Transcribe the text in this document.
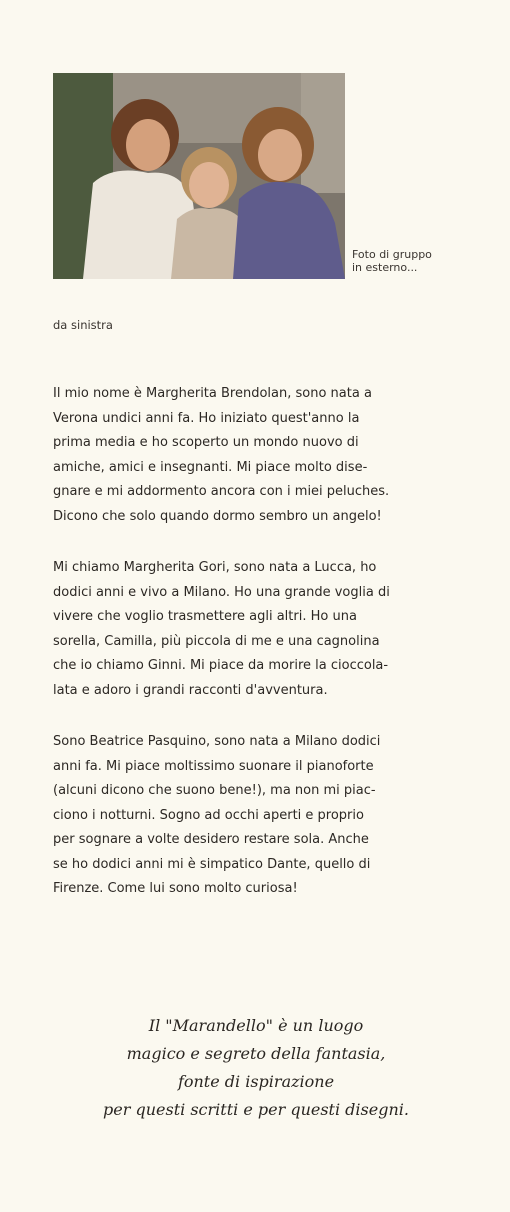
Foto di gruppo
in esterno...
da sinistra
Il mio nome è Margherita Brendolan, sono nata a
Verona undici anni fa. Ho iniziato quest'anno la
prima media e ho scoperto un mondo nuovo di
amiche, amici e insegnanti. Mi piace molto dise-
gnare e mi addormento ancora con i miei peluches.
Dicono che solo quando dormo sembro un angelo!
Mi chiamo Margherita Gori, sono nata a Lucca, ho
dodici anni e vivo a Milano. Ho una grande voglia di
vivere che voglio trasmettere agli altri. Ho una
sorella, Camilla, più piccola di me e una cagnolina
che io chiamo Ginni. Mi piace da morire la cioccola-
lata e adoro i grandi racconti d'avventura.
Sono Beatrice Pasquino, sono nata a Milano dodici
anni fa. Mi piace moltissimo suonare il pianoforte
(alcuni dicono che suono bene!), ma non mi piac-
ciono i notturni. Sogno ad occhi aperti e proprio
per sognare a volte desidero restare sola. Anche
se ho dodici anni mi è simpatico Dante, quello di
Firenze. Come lui sono molto curiosa!
Il "Marandello" è un luogo
magico e segreto della fantasia,
fonte di ispirazione
per questi scritti e per questi disegni.
